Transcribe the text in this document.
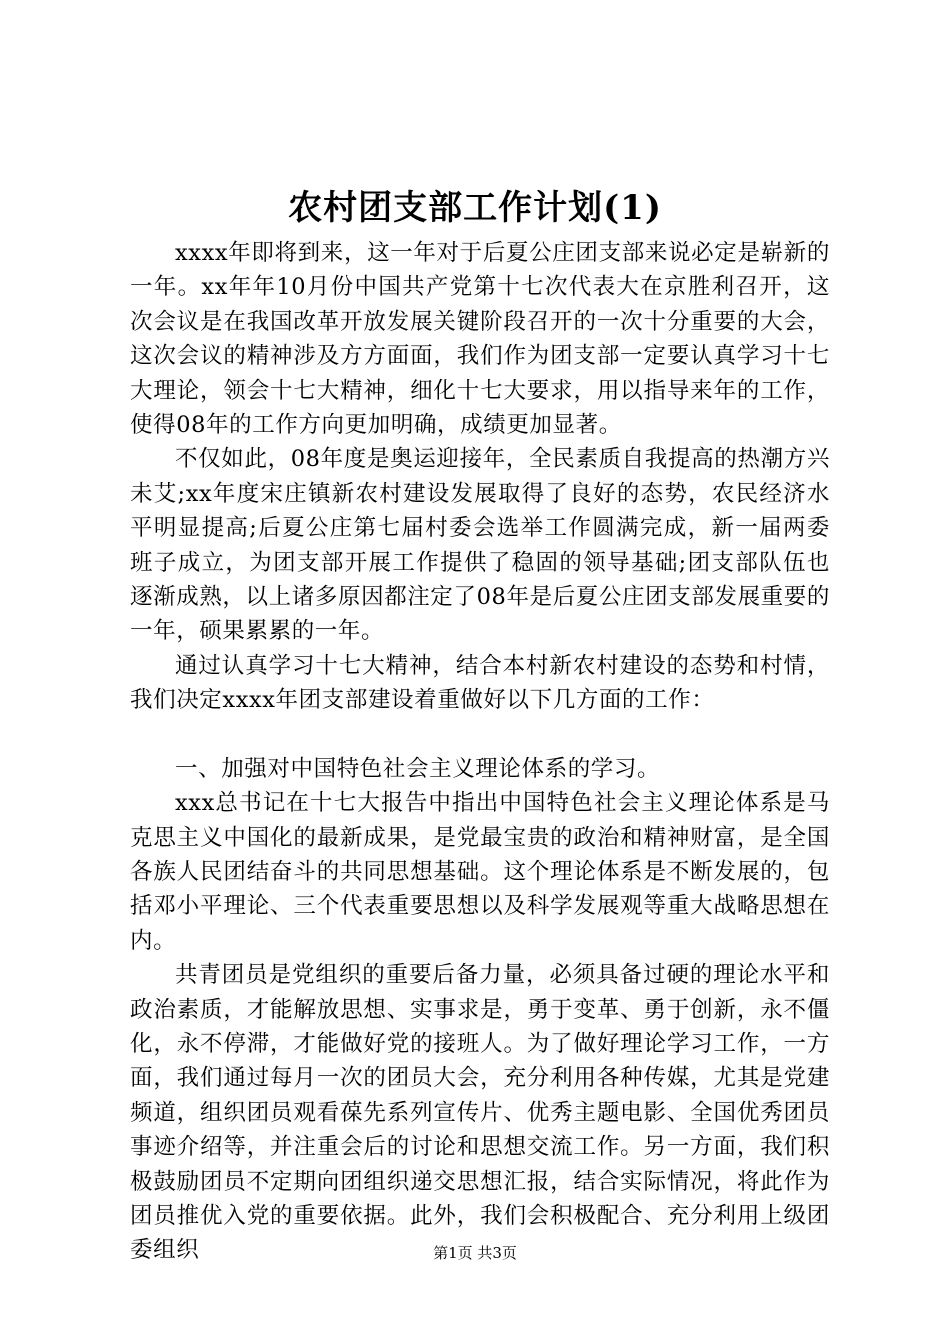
农村团支部工作计划(1)

xxxx年即将到来，这一年对于后夏公庄团支部来说必定是崭新的一年。xx年年10月份中国共产党第十七次代表大在京胜利召开，这次会议是在我国改革开放发展关键阶段召开的一次十分重要的大会，这次会议的精神涉及方方面面，我们作为团支部一定要认真学习十七大理论，领会十七大精神，细化十七大要求，用以指导来年的工作，使得08年的工作方向更加明确，成绩更加显著。

不仅如此，08年度是奥运迎接年，全民素质自我提高的热潮方兴未艾;xx年度宋庄镇新农村建设发展取得了良好的态势，农民经济水平明显提高;后夏公庄第七届村委会选举工作圆满完成，新一届两委班子成立，为团支部开展工作提供了稳固的领导基础;团支部队伍也逐渐成熟，以上诸多原因都注定了08年是后夏公庄团支部发展重要的一年，硕果累累的一年。

通过认真学习十七大精神，结合本村新农村建设的态势和村情，我们决定xxxx年团支部建设着重做好以下几方面的工作：

一、加强对中国特色社会主义理论体系的学习。

xxx总书记在十七大报告中指出中国特色社会主义理论体系是马克思主义中国化的最新成果，是党最宝贵的政治和精神财富，是全国各族人民团结奋斗的共同思想基础。这个理论体系是不断发展的，包括邓小平理论、三个代表重要思想以及科学发展观等重大战略思想在内。

共青团员是党组织的重要后备力量，必须具备过硬的理论水平和政治素质，才能解放思想、实事求是，勇于变革、勇于创新，永不僵化，永不停滞，才能做好党的接班人。为了做好理论学习工作，一方面，我们通过每月一次的团员大会，充分利用各种传媒，尤其是党建频道，组织团员观看葆先系列宣传片、优秀主题电影、全国优秀团员事迹介绍等，并注重会后的讨论和思想交流工作。另一方面，我们积极鼓励团员不定期向团组织递交思想汇报，结合实际情况，将此作为团员推优入党的重要依据。此外，我们会积极配合、充分利用上级团委组织	第1页 共3页
